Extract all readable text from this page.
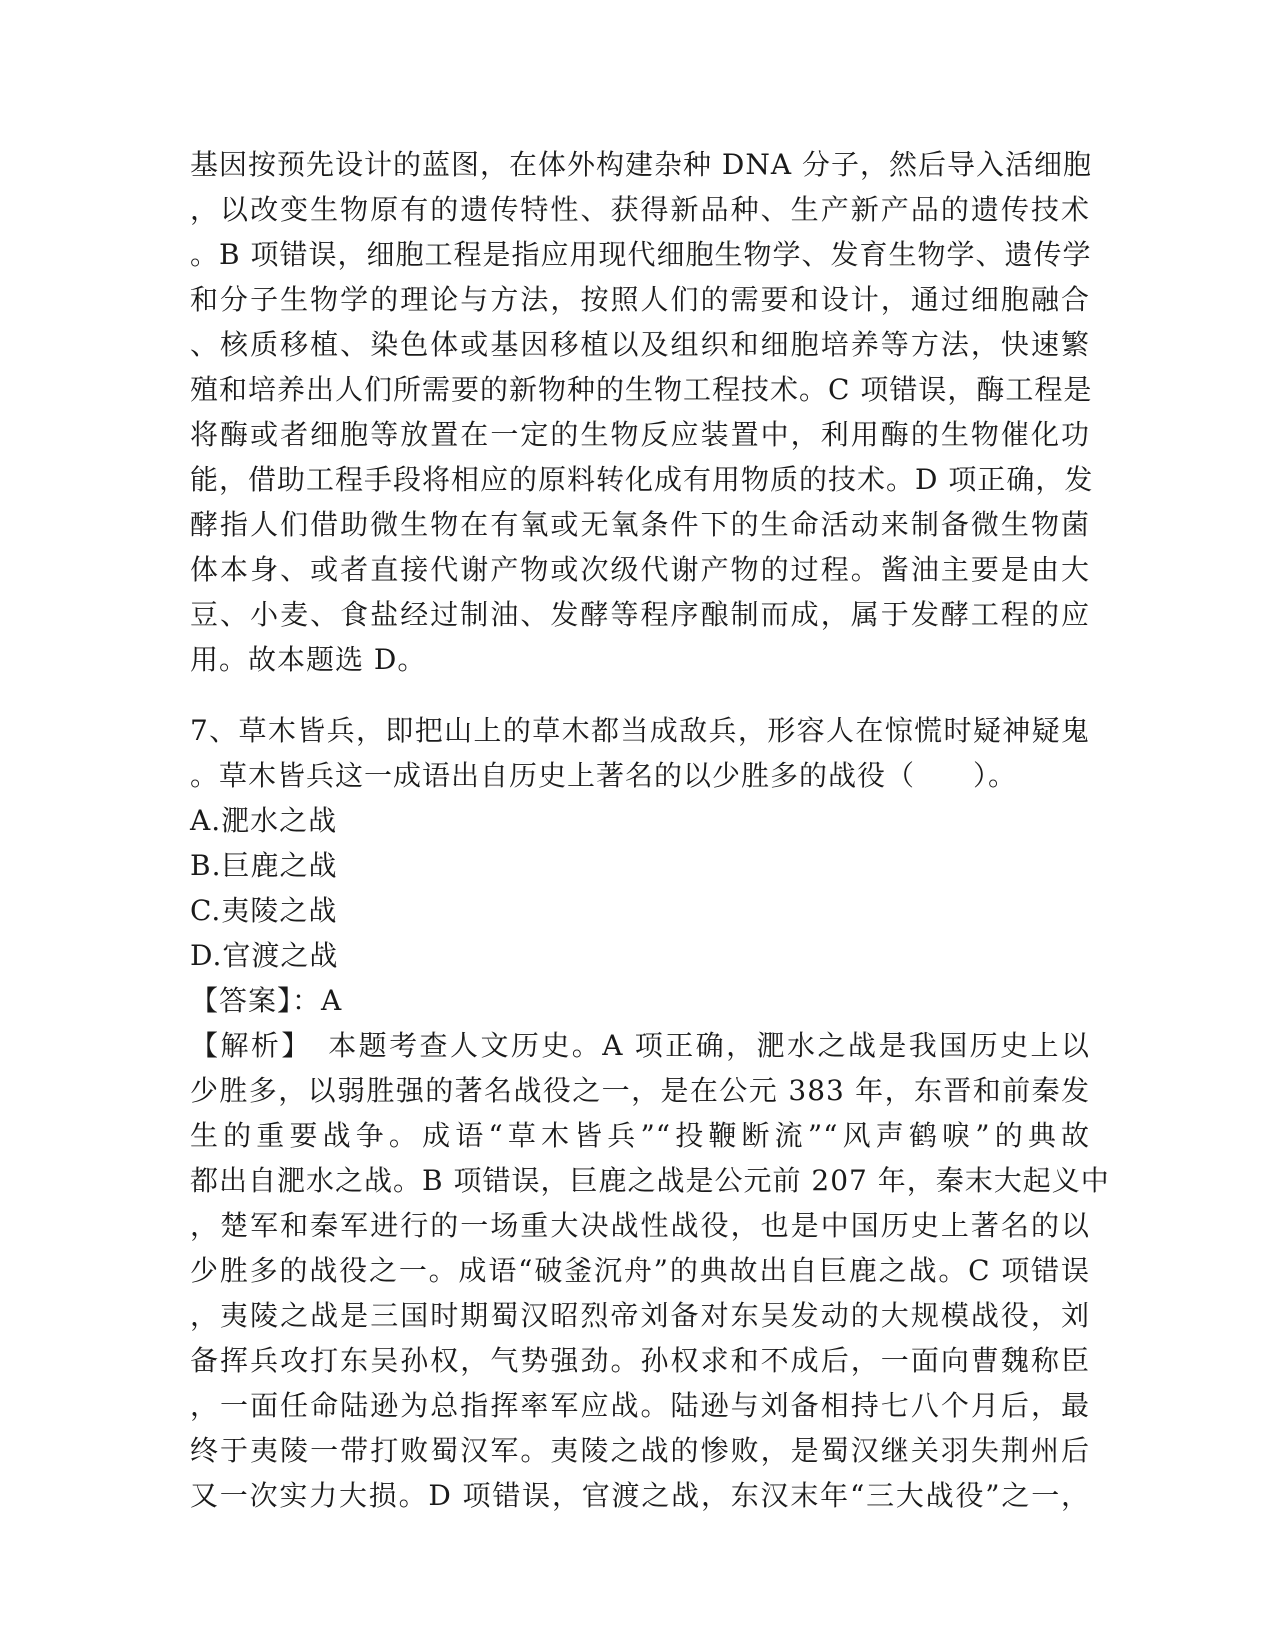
基因按预先设计的蓝图，在体外构建杂种 DNA 分子，然后导入活细胞
，以改变生物原有的遗传特性、获得新品种、生产新产品的遗传技术
。B 项错误，细胞工程是指应用现代细胞生物学、发育生物学、遗传学
和分子生物学的理论与方法，按照人们的需要和设计，通过细胞融合
、核质移植、染色体或基因移植以及组织和细胞培养等方法，快速繁
殖和培养出人们所需要的新物种的生物工程技术。C 项错误，酶工程是
将酶或者细胞等放置在一定的生物反应装置中，利用酶的生物催化功
能，借助工程手段将相应的原料转化成有用物质的技术。D 项正确，发
酵指人们借助微生物在有氧或无氧条件下的生命活动来制备微生物菌
体本身、或者直接代谢产物或次级代谢产物的过程。酱油主要是由大
豆、小麦、食盐经过制油、发酵等程序酿制而成，属于发酵工程的应
用。故本题选 D。
7、草木皆兵，即把山上的草木都当成敌兵，形容人在惊慌时疑神疑鬼
。草木皆兵这一成语出自历史上著名的以少胜多的战役（　　）。
A.淝水之战
B.巨鹿之战
C.夷陵之战
D.官渡之战
【答案】：A
【解析】　本题考查人文历史。A 项正确，淝水之战是我国历史上以
少胜多，以弱胜强的著名战役之一，是在公元 383 年，东晋和前秦发
生的重要战争。成语“草木皆兵”“投鞭断流”“风声鹤唳”的典故
都出自淝水之战。B 项错误，巨鹿之战是公元前 207 年，秦末大起义中
，楚军和秦军进行的一场重大决战性战役，也是中国历史上著名的以
少胜多的战役之一。成语“破釜沉舟”的典故出自巨鹿之战。C 项错误
，夷陵之战是三国时期蜀汉昭烈帝刘备对东吴发动的大规模战役，刘
备挥兵攻打东吴孙权，气势强劲。孙权求和不成后，一面向曹魏称臣
，一面任命陆逊为总指挥率军应战。陆逊与刘备相持七八个月后，最
终于夷陵一带打败蜀汉军。夷陵之战的惨败，是蜀汉继关羽失荆州后
又一次实力大损。D 项错误，官渡之战，东汉末年“三大战役”之一，
